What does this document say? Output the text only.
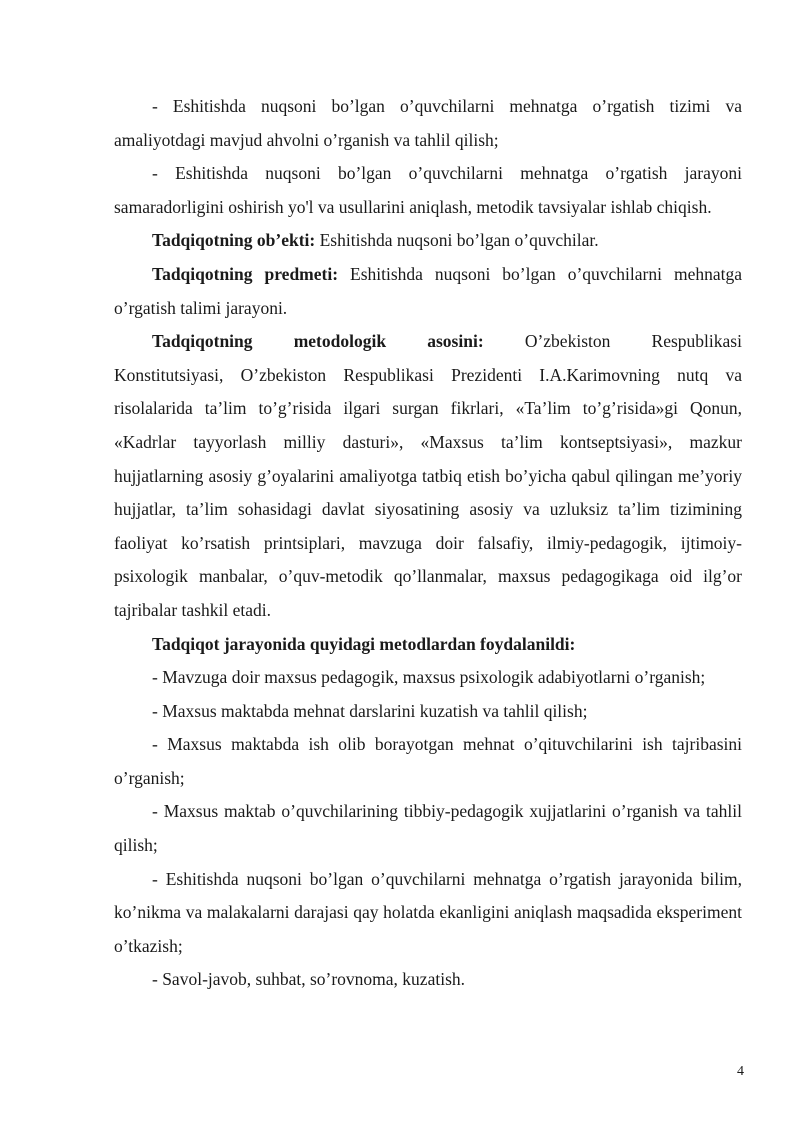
- Eshitishda nuqsoni bo’lgan o’quvchilarni mehnatga o’rgatish tizimi va amaliyotdagi mavjud ahvolni o’rganish va tahlil qilish;

- Eshitishda nuqsoni bo’lgan o’quvchilarni mehnatga o’rgatish jarayoni samaradorligini oshirish yo'l va usullarini aniqlash, metodik tavsiyalar ishlab chiqish.

Tadqiqotning ob’ekti: Eshitishda nuqsoni bo’lgan o’quvchilar.

Tadqiqotning predmeti: Eshitishda nuqsoni bo’lgan o’quvchilarni mehnatga o’rgatish talimi jarayoni.

Tadqiqotning metodologik asosini: O’zbekiston Respublikasi

Konstitutsiyasi, O’zbekiston Respublikasi Prezidenti I.A.Karimovning nutq va risolalarida ta’lim to’g’risida ilgari surgan fikrlari, «Ta’lim to’g’risida»gi Qonun, «Kadrlar tayyorlash milliy dasturi», «Maxsus ta’lim kontseptsiyasi», mazkur hujjatlarning asosiy g’oyalarini amaliyotga tatbiq etish bo’yicha qabul qilingan me’yoriy hujjatlar, ta’lim sohasidagi davlat siyosatining asosiy va uzluksiz ta’lim tizimining faoliyat ko’rsatish printsiplari, mavzuga doir falsafiy, ilmiy-pedagogik, ijtimoiy-psixologik manbalar, o’quv-metodik qo’llanmalar, maxsus pedagogikaga oid ilg’or tajribalar tashkil etadi.

Tadqiqot jarayonida quyidagi metodlardan foydalanildi:

- Mavzuga doir maxsus pedagogik, maxsus psixologik adabiyotlarni o’rganish;

- Maxsus maktabda mehnat darslarini kuzatish va tahlil qilish;

- Maxsus maktabda ish olib borayotgan mehnat o’qituvchilarini ish tajribasini o’rganish;

- Maxsus maktab o’quvchilarining tibbiy-pedagogik xujjatlarini o’rganish va tahlil qilish;

- Eshitishda nuqsoni bo’lgan o’quvchilarni mehnatga o’rgatish jarayonida bilim, ko’nikma va malakalarni darajasi qay holatda ekanligini aniqlash maqsadida eksperiment o’tkazish;

- Savol-javob, suhbat, so’rovnoma, kuzatish.

4
